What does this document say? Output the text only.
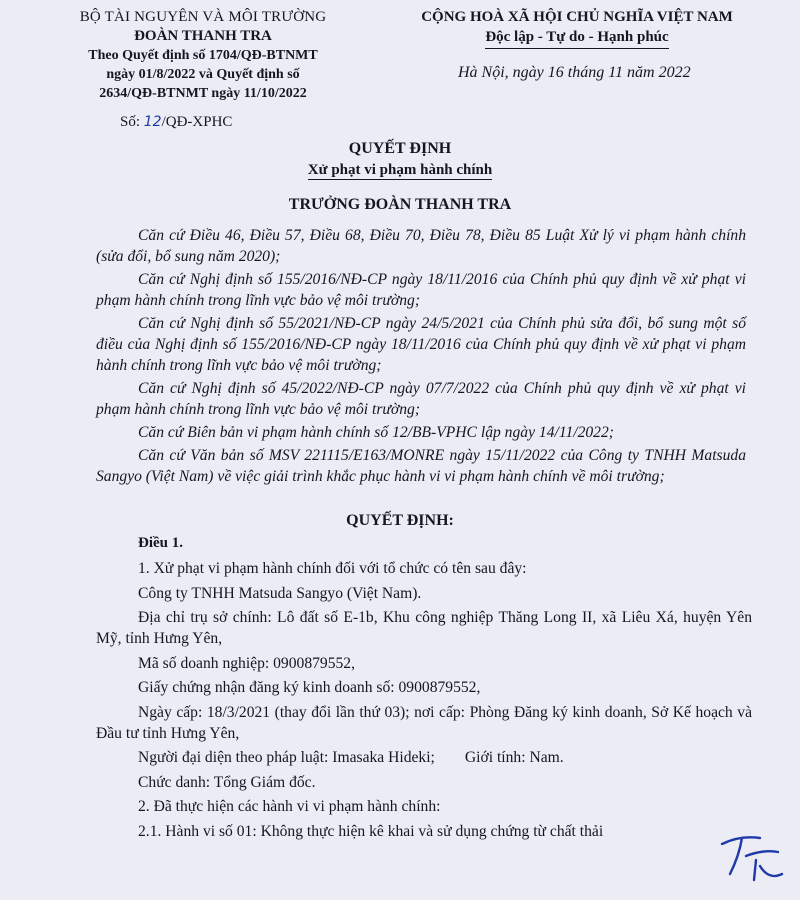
BỘ TÀI NGUYÊN VÀ MÔI TRƯỜNG
ĐOÀN THANH TRA
Theo Quyết định số 1704/QĐ-BTNMT
ngày 01/8/2022 và Quyết định số
2634/QĐ-BTNMT ngày 11/10/2022
Số: 12/QĐ-XPHC
CỘNG HOÀ XÃ HỘI CHỦ NGHĨA VIỆT NAM
Độc lập - Tự do - Hạnh phúc
Hà Nội, ngày 16 tháng 11 năm 2022
QUYẾT ĐỊNH
Xử phạt vi phạm hành chính
TRƯỞNG ĐOÀN THANH TRA

Căn cứ Điều 46, Điều 57, Điều 68, Điều 70, Điều 78, Điều 85 Luật Xử lý vi phạm hành chính (sửa đổi, bổ sung năm 2020);

Căn cứ Nghị định số 155/2016/NĐ-CP ngày 18/11/2016 của Chính phủ quy định về xử phạt vi phạm hành chính trong lĩnh vực bảo vệ môi trường;

Căn cứ Nghị định số 55/2021/NĐ-CP ngày 24/5/2021 của Chính phủ sửa đổi, bổ sung một số điều của Nghị định số 155/2016/NĐ-CP ngày 18/11/2016 của Chính phủ quy định về xử phạt vi phạm hành chính trong lĩnh vực bảo vệ môi trường;

Căn cứ Nghị định số 45/2022/NĐ-CP ngày 07/7/2022 của Chính phủ quy định về xử phạt vi phạm hành chính trong lĩnh vực bảo vệ môi trường;

Căn cứ Biên bản vi phạm hành chính số 12/BB-VPHC lập ngày 14/11/2022;

Căn cứ Văn bản số MSV 221115/E163/MONRE ngày 15/11/2022 của Công ty TNHH Matsuda Sangyo (Việt Nam) về việc giải trình khắc phục hành vi vi phạm hành chính về môi trường;

QUYẾT ĐỊNH:
Điều 1.

1. Xử phạt vi phạm hành chính đối với tổ chức có tên sau đây:

Công ty TNHH Matsuda Sangyo (Việt Nam).

Địa chỉ trụ sở chính: Lô đất số E-1b, Khu công nghiệp Thăng Long II, xã Liêu Xá, huyện Yên Mỹ, tỉnh Hưng Yên,

Mã số doanh nghiệp: 0900879552,

Giấy chứng nhận đăng ký kinh doanh số: 0900879552,

Ngày cấp: 18/3/2021 (thay đổi lần thứ 03); nơi cấp: Phòng Đăng ký kinh doanh, Sở Kế hoạch và Đầu tư tỉnh Hưng Yên,

Người đại diện theo pháp luật: Imasaka Hideki; Giới tính: Nam.

Chức danh: Tổng Giám đốc.

2. Đã thực hiện các hành vi vi phạm hành chính:

2.1. Hành vi số 01: Không thực hiện kê khai và sử dụng chứng từ chất thải
